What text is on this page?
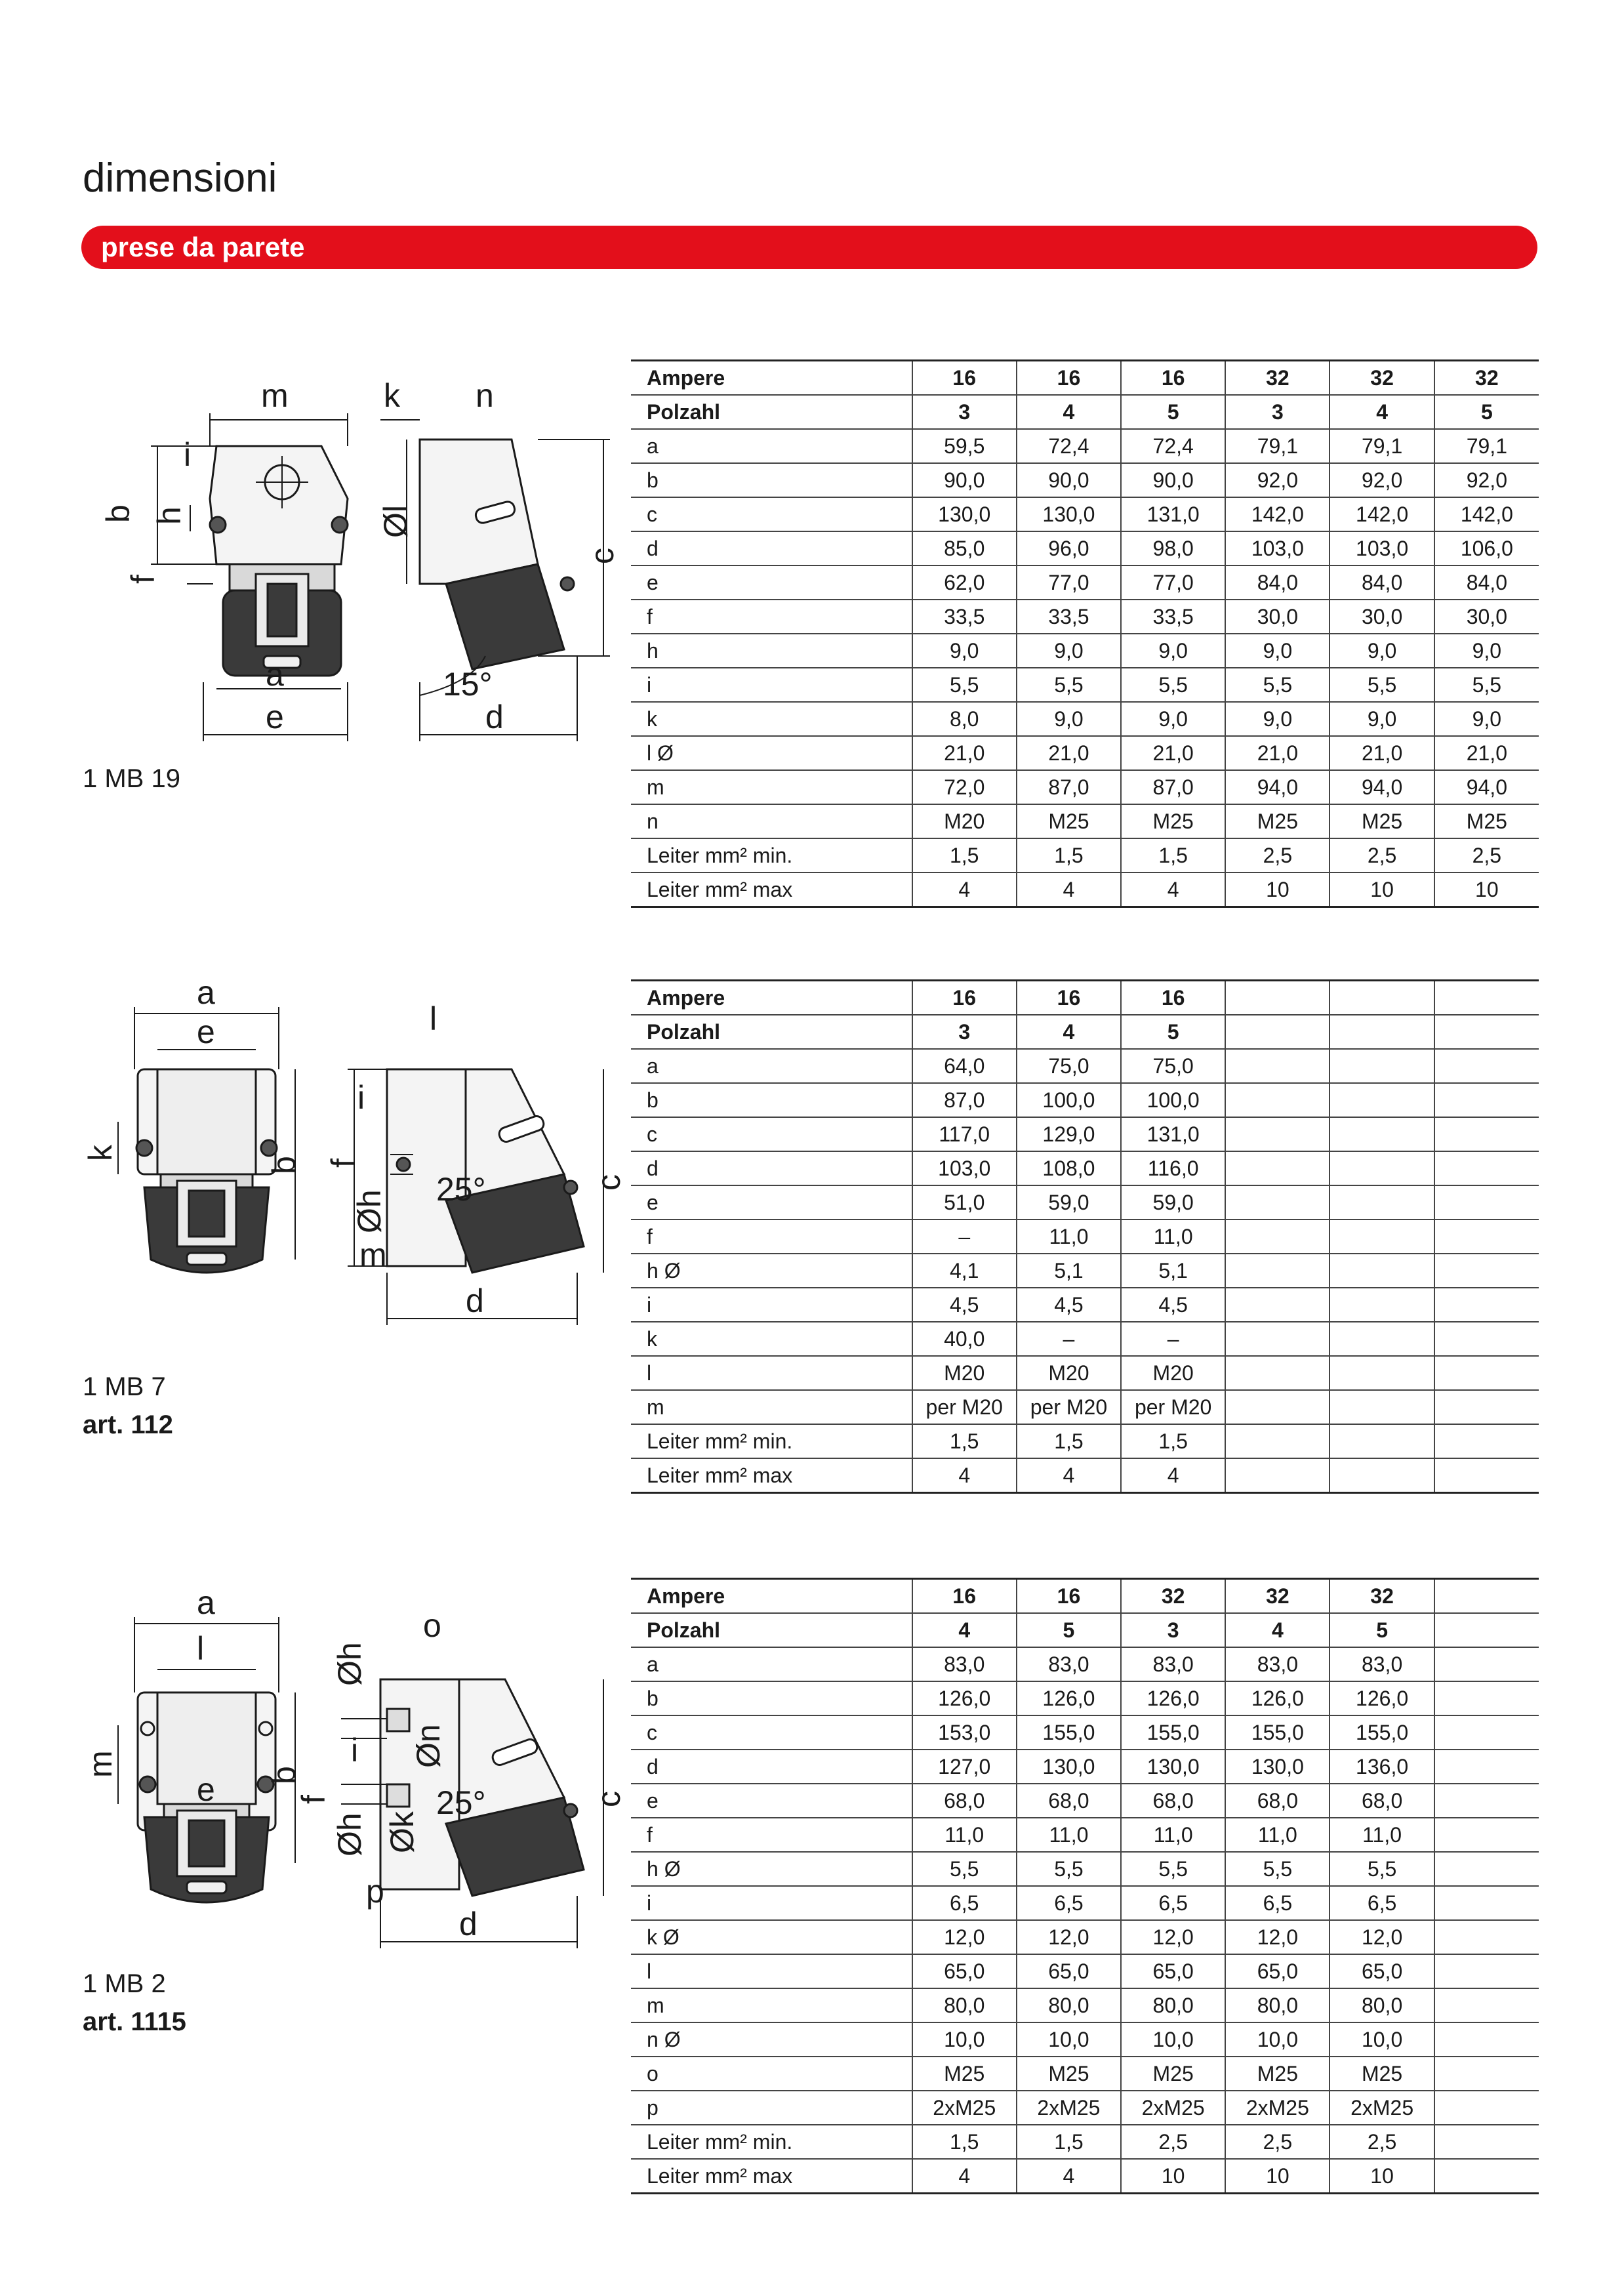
dimensioni
prese da parete
m
i
b h
f
a
e
k n
Øl
c
15°
d
1 MB 19
Ampere	16	16	16	32	32	32
Polzahl	3	4	5	3	4	5
a	59,5	72,4	72,4	79,1	79,1	79,1
b	90,0	90,0	90,0	92,0	92,0	92,0
c	130,0	130,0	131,0	142,0	142,0	142,0
d	85,0	96,0	98,0	103,0	103,0	106,0
e	62,0	77,0	77,0	84,0	84,0	84,0
f	33,5	33,5	33,5	30,0	30,0	30,0
h	9,0	9,0	9,0	9,0	9,0	9,0
i	5,5	5,5	5,5	5,5	5,5	5,5
k	8,0	9,0	9,0	9,0	9,0	9,0
l Ø	21,0	21,0	21,0	21,0	21,0	21,0
m	72,0	87,0	87,0	94,0	94,0	94,0
n	M20	M25	M25	M25	M25	M25
Leiter mm² min.	1,5	1,5	1,5	2,5	2,5	2,5
Leiter mm² max	4	4	4	10	10	10
a
e
k
b
l
i
f
Øh
25°	c
m
d
1 MB 7
art. 112
Ampere	16	16	16			
Polzahl	3	4	5			
a	64,0	75,0	75,0			
b	87,0	100,0	100,0			
c	117,0	129,0	131,0			
d	103,0	108,0	116,0			
e	51,0	59,0	59,0			
f	–	11,0	11,0			
h Ø	4,1	5,1	5,1			
i	4,5	4,5	4,5			
k	40,0	–	–			
l	M20	M20	M20			
m	per M20	per M20	per M20			
Leiter mm² min.	1,5	1,5	1,5			
Leiter mm² max	4	4	4			
a
l
m
e b
Øh
o
i Øn
f
Øh Øk
25°	c
p
d
1 MB 2
art. 1115
Ampere	16	16	32	32	32	
Polzahl	4	5	3	4	5	
a	83,0	83,0	83,0	83,0	83,0	
b	126,0	126,0	126,0	126,0	126,0	
c	153,0	155,0	155,0	155,0	155,0	
d	127,0	130,0	130,0	130,0	136,0	
e	68,0	68,0	68,0	68,0	68,0	
f	11,0	11,0	11,0	11,0	11,0	
h Ø	5,5	5,5	5,5	5,5	5,5	
i	6,5	6,5	6,5	6,5	6,5	
k Ø	12,0	12,0	12,0	12,0	12,0	
l	65,0	65,0	65,0	65,0	65,0	
m	80,0	80,0	80,0	80,0	80,0	
n Ø	10,0	10,0	10,0	10,0	10,0	
o	M25	M25	M25	M25	M25	
p	2xM25	2xM25	2xM25	2xM25	2xM25	
Leiter mm² min.	1,5	1,5	2,5	2,5	2,5	
Leiter mm² max	4	4	10	10	10	
